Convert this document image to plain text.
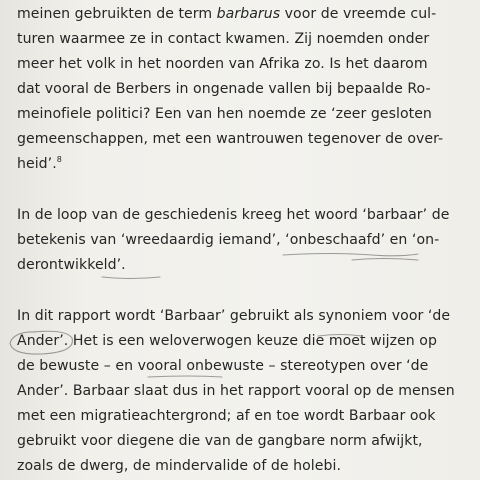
meinen gebruikten de term barbarus voor de vreemde cul-
turen waarmee ze in contact kwamen. Zij noemden onder
meer het volk in het noorden van Afrika zo. Is het daarom
dat vooral de Berbers in ongenade vallen bij bepaalde Ro-
meinofiele politici? Een van hen noemde ze ‘zeer gesloten
gemeenschappen, met een wantrouwen tegenover de over-
heid’.$^8$
In de loop van de geschiedenis kreeg het woord ‘barbaar’ de
betekenis van ‘wreedaardig iemand’, ‘onbeschaafd’ en ‘on-
derontwikkeld’.
In dit rapport wordt ‘Barbaar’ gebruikt als synoniem voor ‘de
Ander’. Het is een weloverwogen keuze die moet wijzen op
de bewuste – en vooral onbewuste – stereotypen over ‘de
Ander’. Barbaar slaat dus in het rapport vooral op de mensen
met een migratieachtergrond; af en toe wordt Barbaar ook
gebruikt voor diegene die van de gangbare norm afwijkt,
zoals de dwerg, de mindervalide of de holebi.
